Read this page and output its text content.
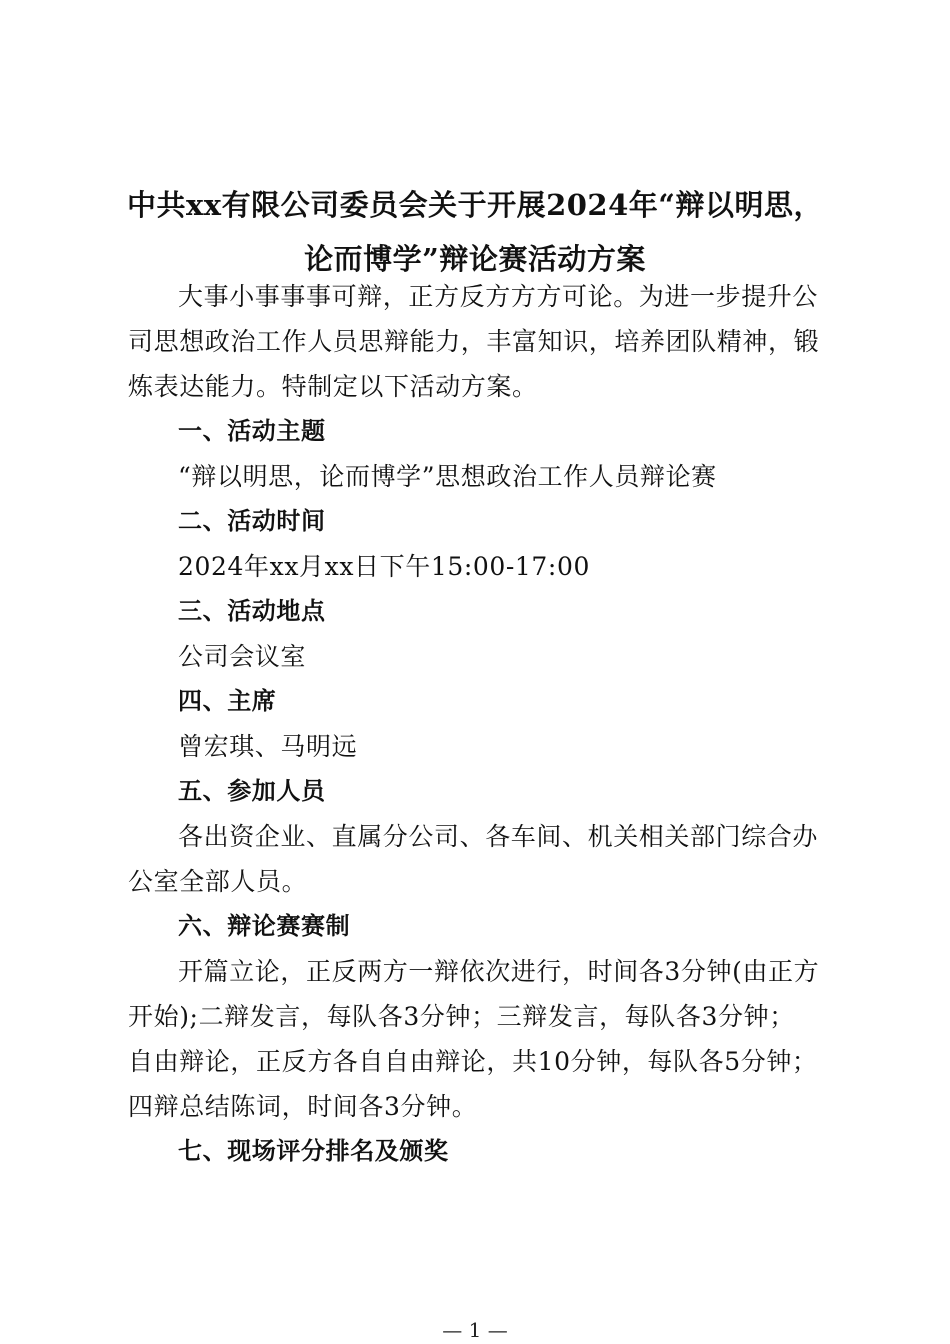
中共xx有限公司委员会关于开展2024年“辩以明思，
论而博学”辩论赛活动方案

大事小事事事可辩，正方反方方方可论。为进一步提升公

司思想政治工作人员思辩能力，丰富知识，培养团队精神，锻

炼表达能力。特制定以下活动方案。

一、活动主题

“辩以明思，论而博学”思想政治工作人员辩论赛

二、活动时间

2024年xx月xx日下午15:00-17:00

三、活动地点

公司会议室

四、主席

曾宏琪、马明远

五、参加人员

各出资企业、直属分公司、各车间、机关相关部门综合办

公室全部人员。

六、辩论赛赛制

开篇立论，正反两方一辩依次进行，时间各3分钟(由正方

开始);二辩发言，每队各3分钟；三辩发言，每队各3分钟；

自由辩论，正反方各自自由辩论，共10分钟，每队各5分钟；

四辩总结陈词，时间各3分钟。

七、现场评分排名及颁奖

— 1 —
